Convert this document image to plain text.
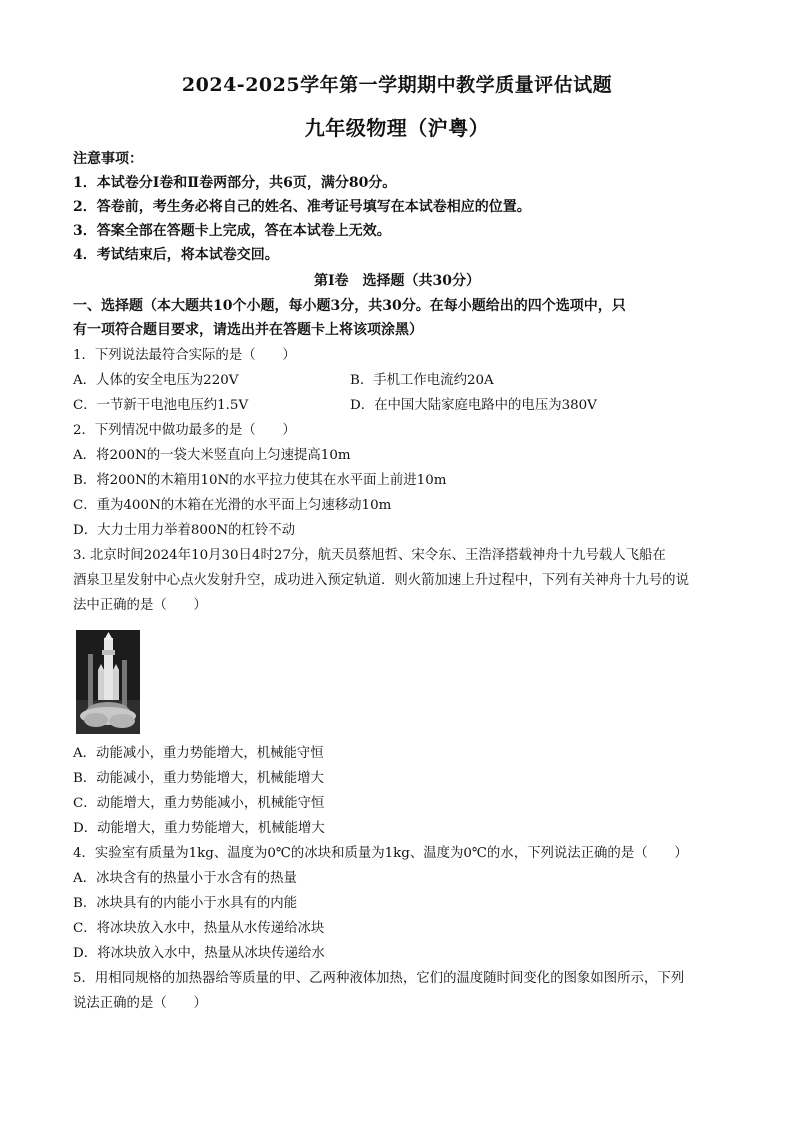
2024-2025学年第一学期期中教学质量评估试题
九年级物理（沪粤）
注意事项：
1．本试卷分Ⅰ卷和Ⅱ卷两部分，共6页，满分80分。
2．答卷前，考生务必将自己的姓名、准考证号填写在本试卷相应的位置。
3．答案全部在答题卡上完成，答在本试卷上无效。
4．考试结束后，将本试卷交回。
第Ⅰ卷　选择题（共30分）
一、选择题（本大题共10个小题，每小题3分，共30分。在每小题给出的四个选项中，只
有一项符合题目要求，请选出并在答题卡上将该项涂黑）
1．下列说法最符合实际的是（　　）
A．人体的安全电压为220V	B．手机工作电流约20A
C．一节新干电池电压约1.5V	D．在中国大陆家庭电路中的电压为380V
2．下列情况中做功最多的是（　　）
A．将200N的一袋大米竖直向上匀速提高10m
B．将200N的木箱用10N的水平拉力使其在水平面上前进10m
C．重为400N的木箱在光滑的水平面上匀速移动10m
D．大力士用力举着800N的杠铃不动
3. 北京时间2024年10月30日4时27分，航天员蔡旭哲、宋令东、王浩泽搭载神舟十九号载人飞船在
酒泉卫星发射中心点火发射升空，成功进入预定轨道．则火箭加速上升过程中，下列有关神舟十九号的说
法中正确的是（　　）
A．动能减小，重力势能增大，机械能守恒
B．动能减小，重力势能增大，机械能增大
C．动能增大，重力势能减小，机械能守恒
D．动能增大，重力势能增大，机械能增大
4．实验室有质量为1kg、温度为0℃的冰块和质量为1kg、温度为0℃的水，下列说法正确的是（　　）
A．冰块含有的热量小于水含有的热量
B．冰块具有的内能小于水具有的内能
C．将冰块放入水中，热量从水传递给冰块
D．将冰块放入水中，热量从冰块传递给水
5．用相同规格的加热器给等质量的甲、乙两种液体加热，它们的温度随时间变化的图象如图所示，下列
说法正确的是（　　）
